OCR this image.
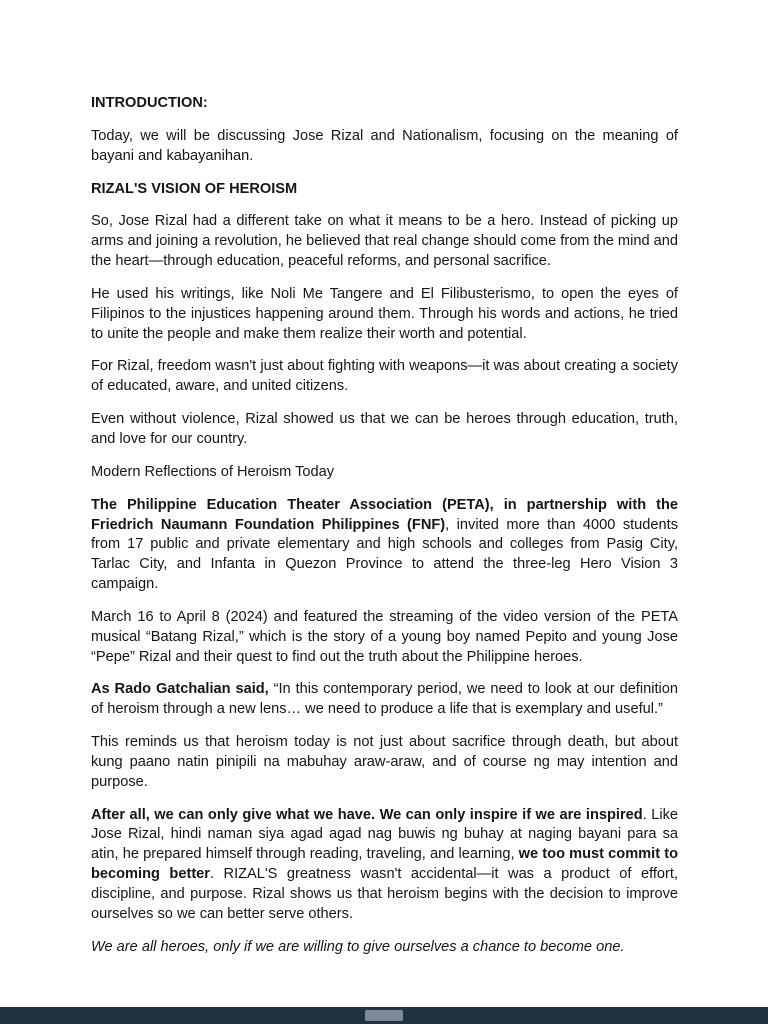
INTRODUCTION:

Today, we will be discussing Jose Rizal and Nationalism, focusing on the meaning of bayani and kabayanihan.

RIZAL'S VISION OF HEROISM

So, Jose Rizal had a different take on what it means to be a hero. Instead of picking up arms and joining a revolution, he believed that real change should come from the mind and the heart—through education, peaceful reforms, and personal sacrifice.

He used his writings, like Noli Me Tangere and El Filibusterismo, to open the eyes of Filipinos to the injustices happening around them. Through his words and actions, he tried to unite the people and make them realize their worth and potential.

For Rizal, freedom wasn't just about fighting with weapons—it was about creating a society of educated, aware, and united citizens.

Even without violence, Rizal showed us that we can be heroes through education, truth, and love for our country.

Modern Reflections of Heroism Today

The Philippine Education Theater Association (PETA), in partnership with the Friedrich Naumann Foundation Philippines (FNF), invited more than 4000 students from 17 public and private elementary and high schools and colleges from Pasig City, Tarlac City, and Infanta in Quezon Province to attend the three-leg Hero Vision 3 campaign.

March 16 to April 8 (2024) and featured the streaming of the video version of the PETA musical “Batang Rizal,” which is the story of a young boy named Pepito and young Jose “Pepe” Rizal and their quest to find out the truth about the Philippine heroes.

As Rado Gatchalian said, “In this contemporary period, we need to look at our definition of heroism through a new lens… we need to produce a life that is exemplary and useful.”

This reminds us that heroism today is not just about sacrifice through death, but about kung paano natin pinipili na mabuhay araw-araw, and of course ng may intention and purpose.

After all, we can only give what we have. We can only inspire if we are inspired. Like Jose Rizal, hindi naman siya agad agad nag buwis ng buhay at naging bayani para sa atin, he prepared himself through reading, traveling, and learning, we too must commit to becoming better. RIZAL'S greatness wasn't accidental—it was a product of effort, discipline, and purpose. Rizal shows us that heroism begins with the decision to improve ourselves so we can better serve others.

We are all heroes, only if we are willing to give ourselves a chance to become one.
